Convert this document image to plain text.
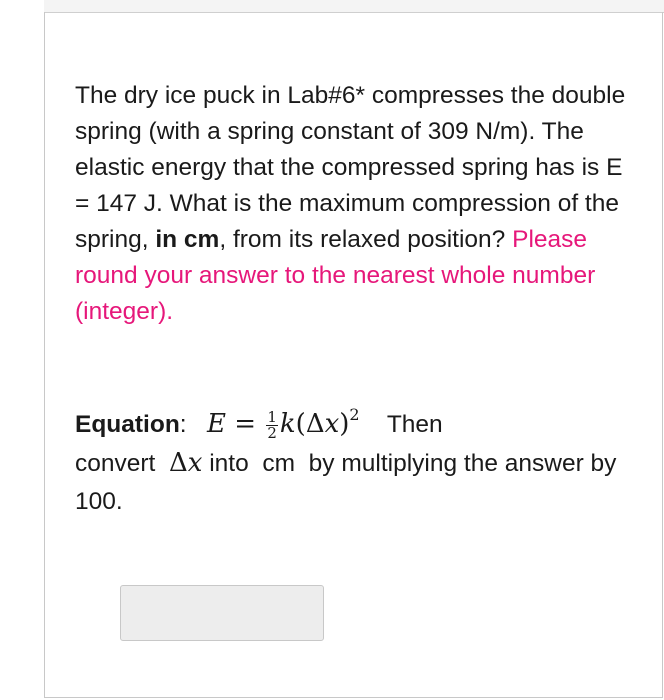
The dry ice puck in Lab#6* compresses the double spring (with a spring constant of 309 N/m). The elastic energy that the compressed spring has is E = 147 J. What is the maximum compression of the spring, in cm, from its relaxed position? Please round your answer to the nearest whole number (integer).

Equation: $E = \frac{1}{2} k(\Delta x)^2$ Then
convert Δx into cm by multiplying the answer by 100.
